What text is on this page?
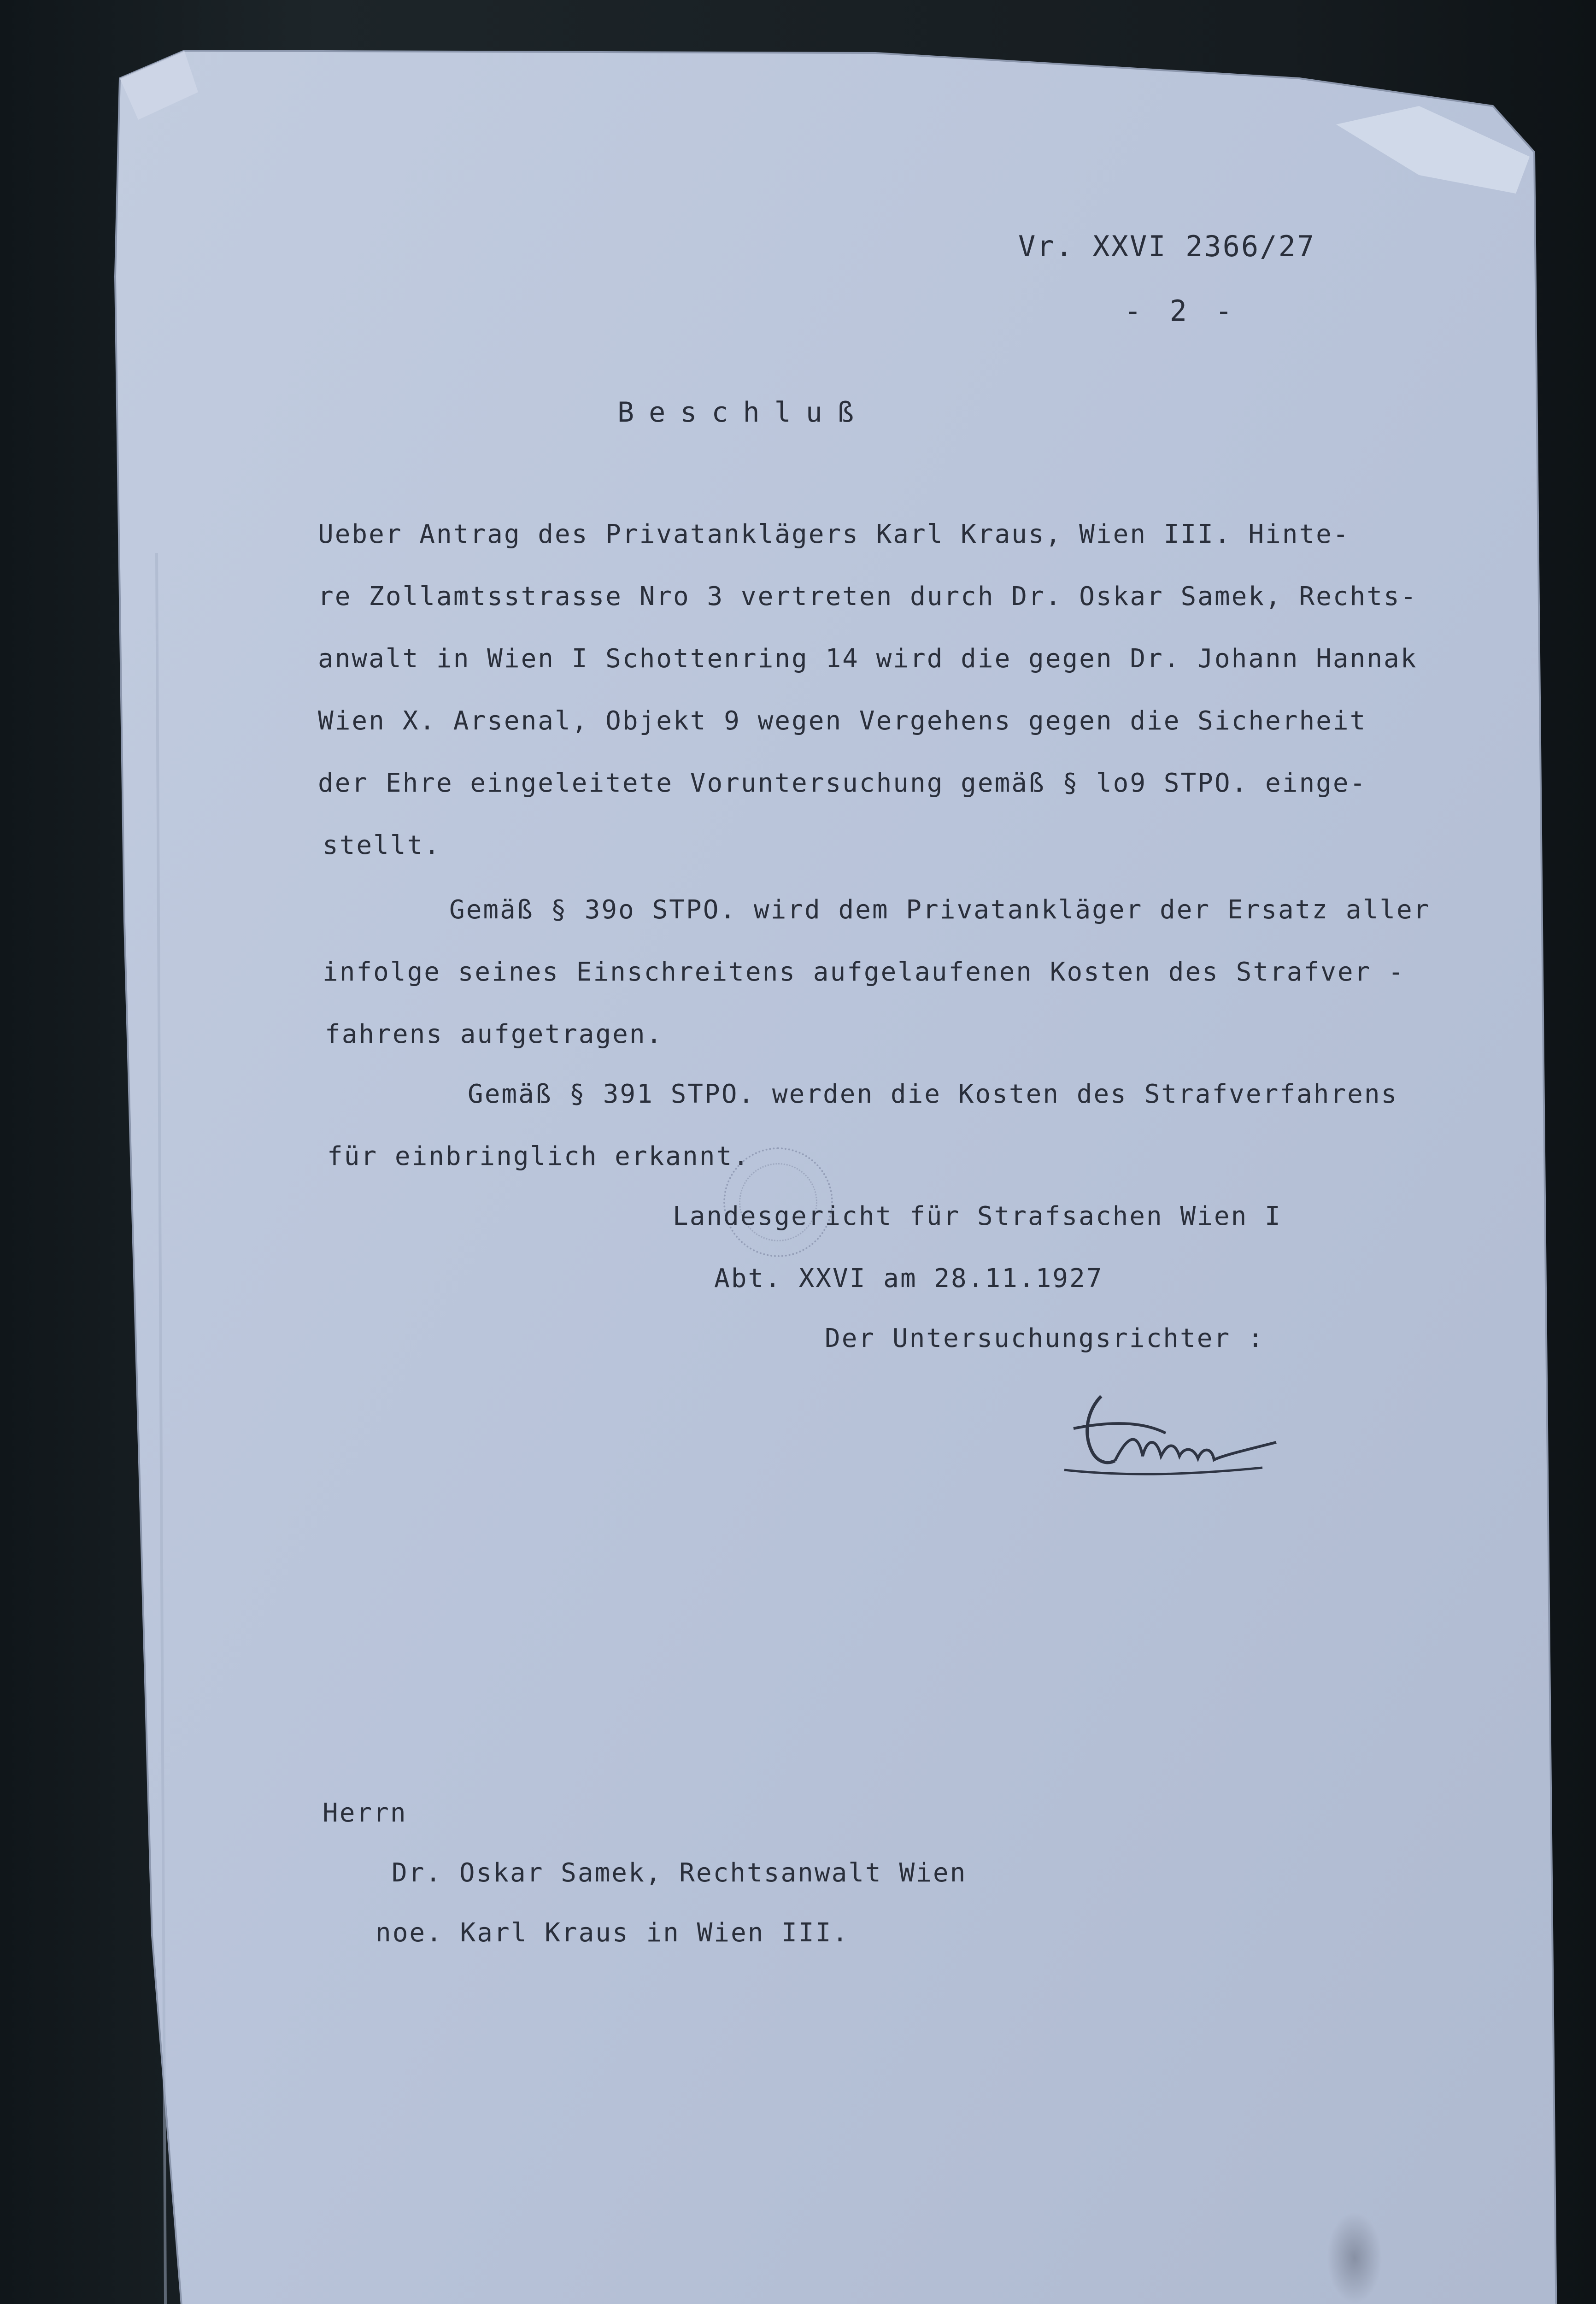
Vr. XXVI 2366/27
- 2 -
Beschluß
Ueber Antrag des Privatanklägers Karl Kraus, Wien III. Hinte-
re Zollamtsstrasse Nro 3 vertreten durch Dr. Oskar Samek, Rechts-
anwalt in Wien I Schottenring 14 wird die gegen Dr. Johann Hannak
Wien X. Arsenal, Objekt 9 wegen Vergehens gegen die Sicherheit
der Ehre eingeleitete Voruntersuchung gemäß § lo9 STPO. einge-
stellt.
Gemäß § 39o STPO. wird dem Privatankläger der Ersatz aller
infolge seines Einschreitens aufgelaufenen Kosten des Strafver -
fahrens aufgetragen.
Gemäß § 391 STPO. werden die Kosten des Strafverfahrens
für einbringlich erkannt.
Landesgericht für Strafsachen Wien I
Abt. XXVI am 28.11.1927
Der Untersuchungsrichter :
Herrn
Dr. Oskar Samek, Rechtsanwalt Wien
noe. Karl Kraus in Wien III.
